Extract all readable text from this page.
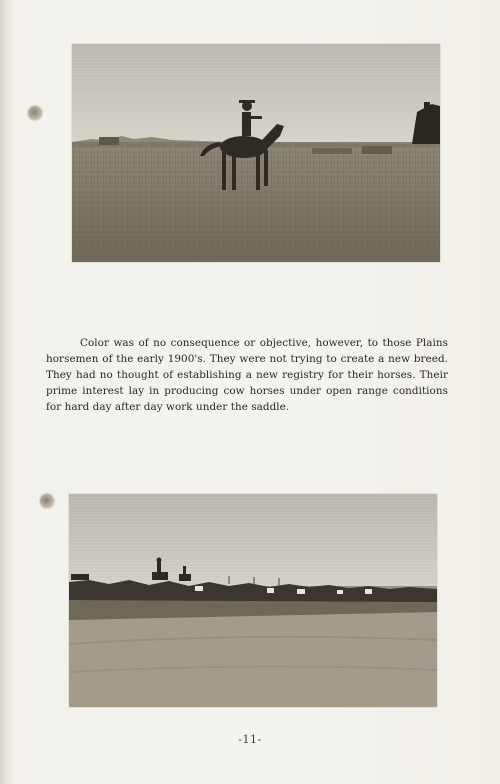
Color was of no consequence or objective, however, to those Plains horsemen of the early 1900's. They were not trying to create a new breed. They had no thought of establishing a new registry for their horses. Their prime interest lay in producing cow horses under open range conditions for hard day after day work under the saddle.

-11-
